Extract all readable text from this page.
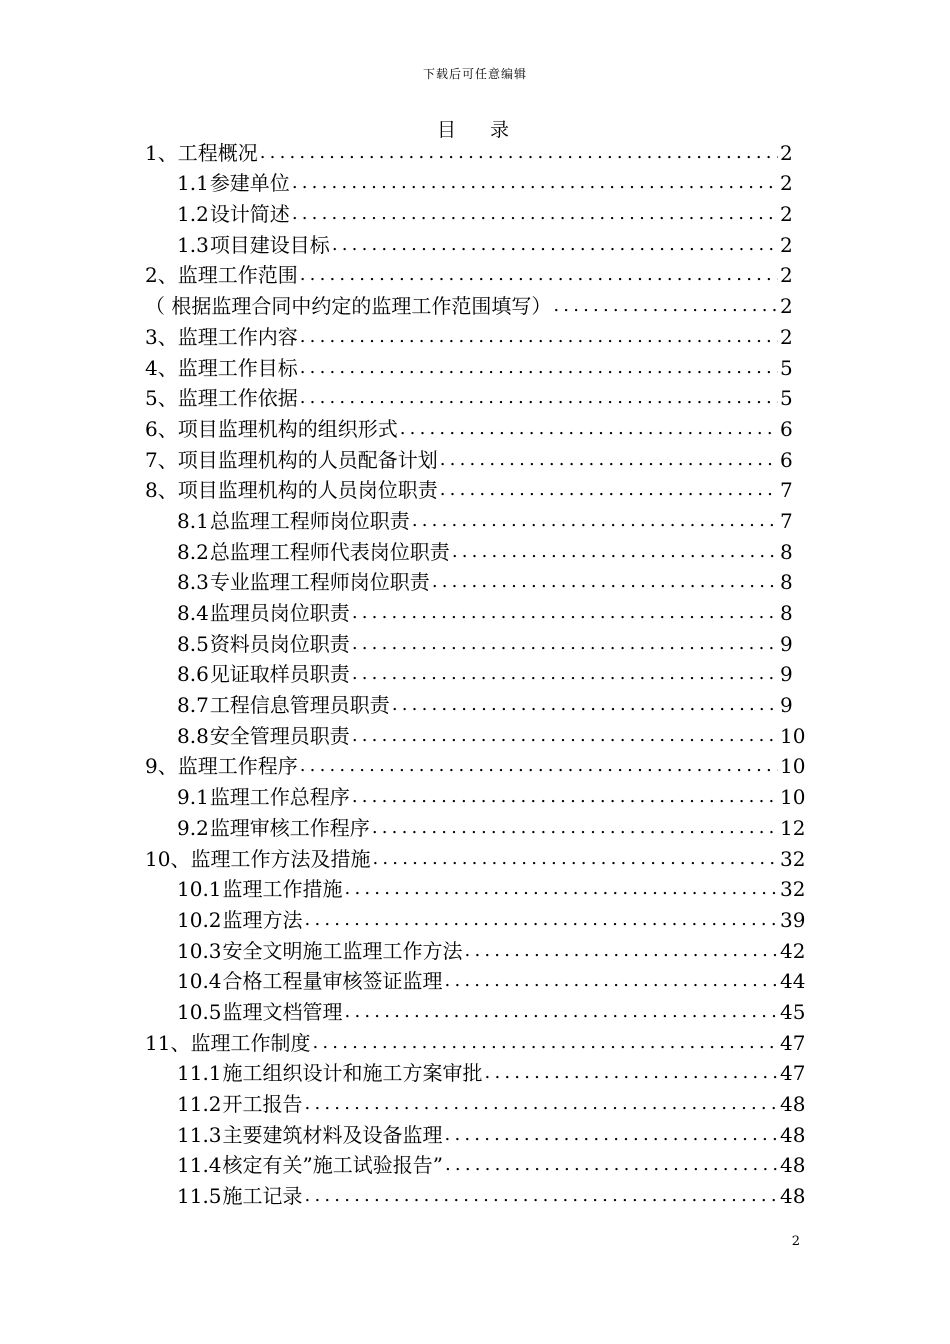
下载后可任意编辑
目 录
1、 工程概况 .....	2
1.1 参建单位 .....	2
1.2 设计简述 .....	2
1.3 项目建设目标 .....	2
2、 监理工作范围 .....	2
（ 根据监理合同中约定的监理工作范围填写） .....	2
3、 监理工作内容 .....	2
4、 监理工作目标 .....	5
5、 监理工作依据 .....	5
6、 项目监理机构的组织形式 .....	6
7、 项目监理机构的人员配备计划 .....	6
8、 项目监理机构的人员岗位职责 .....	7
8.1 总监理工程师岗位职责 .....	7
8.2 总监理工程师代表岗位职责 .....	8
8.3 专业监理工程师岗位职责 .....	8
8.4 监理员岗位职责 .....	8
8.5 资料员岗位职责 .....	9
8.6 见证取样员职责 .....	9
8.7 工程信息管理员职责 .....	9
8.8 安全管理员职责 .....	10
9、 监理工作程序 .....	10
9.1 监理工作总程序 .....	10
9.2 监理审核工作程序 .....	12
10、 监理工作方法及措施 .....	32
10.1 监理工作措施 .....	32
10.2 监理方法 .....	39
10.3 安全文明施工监理工作方法 .....	42
10.4 合格工程量审核签证监理 .....	44
10.5 监理文档管理 .....	45
11、 监理工作制度 .....	47
11.1 施工组织设计和施工方案审批 .....	47
11.2 开工报告 .....	48
11.3 主要建筑材料及设备监理 .....	48
11.4 核定有关”施工试验报告” .....	48
11.5 施工记录 .....	48
2
